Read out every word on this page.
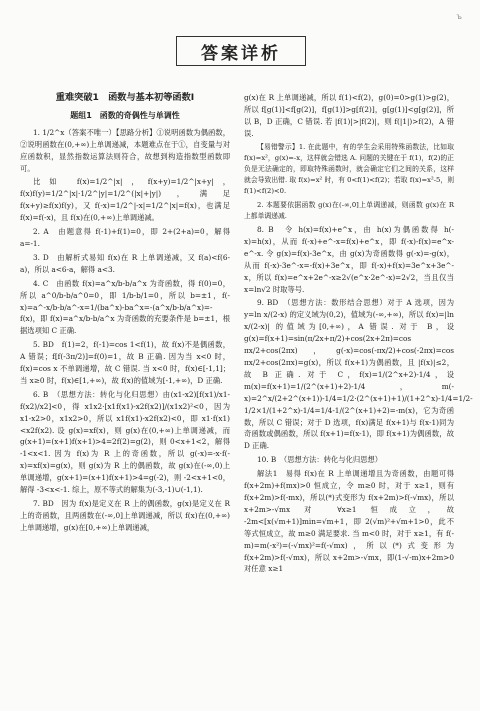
ъ
答案详析
重难突破1　函数与基本初等函数Ⅰ
题组1　函数的奇偶性与单调性

1. 1/2^x（答案不唯一）【思路分析】①说明函数为偶函数，②说明函数在(0,+∞)上单调递减，本题难点在于①，自变量与对应函数积，显然指数运算法则符合，故想到构造指数型函数即可。

比如 f(x)=1/2^|x|，f(x+y)=1/2^|x+y|，f(x)f(y)=1/2^|x|·1/2^|y|=1/2^(|x|+|y|)，满足 f(x+y)≥f(x)f(y)，又 f(-x)=1/2^|-x|=1/2^|x|=f(x)，也满足 f(x)=f(-x)，且 f(x)在(0,+∞)上单调递减。

2. A　由题意得 f(-1)+f(1)=0，即 2+(2+a)=0，解得 a=-1.

3. D　由解析式易知 f(x)在 R 上单调递减，又 f(a)<f(6-a)，所以 a<6-a，解得 a<3.

4. C　由函数 f(x)=a^x/b-b/a^x 为奇函数，得 f(0)=0，所以 a^0/b-b/a^0=0，即 1/b-b/1=0，所以 b=±1，f(-x)=a^-x/b-b/a^-x=1/(ba^x)-ba^x=-(a^x/b-b/a^x)=-f(x)，即 f(x)=a^x/b-b/a^x 为奇函数的充要条件是 b=±1，根据选项知 C 正确.

5. BD　f(1)=2，f(-1)=cos 1<f(1)，故 f(x)不是偶函数，A 错误；f[f(-3π/2)]=f(0)=1，故 B 正确. 因为当 x<0 时，f(x)=cos x 不单调递增，故 C 错误. 当 x<0 时，f(x)∈[-1,1]；当 x≥0 时，f(x)∈[1,+∞)，故 f(x)的值域为[-1,+∞)，D 正确.

6. B　（思想方法：转化与化归思想）由(x1-x2)[f(x1)/x1-f(x2)/x2]<0，得 x1x2·[x1f(x1)-x2f(x2)]/(x1x2)²<0，因为 x1-x2>0，x1x2>0，所以 x1f(x1)-x2f(x2)<0，即 x1·f(x1)<x2f(x2). 设 g(x)=xf(x)，则 g(x)在(0,+∞)上单调递减，而 g(x+1)=(x+1)f(x+1)>4=2f(2)=g(2)，则 0<x+1<2，解得 -1<x<1. 因为 f(x)为 R 上的奇函数，所以 g(-x)=-x·f(-x)=xf(x)=g(x)，则 g(x)为 R 上的偶函数，故 g(x)在(-∞,0)上单调递增，g(x+1)=(x+1)f(x+1)>4=g(-2)，则 -2<x+1<0，解得 -3<x<-1. 综上，原不等式的解集为(-3,-1)∪(-1,1).

7. BD　因为 f(x)是定义在 R 上的偶函数，g(x)是定义在 R 上的奇函数，且两函数在(-∞,0]上单调递减，所以 f(x)在(0,+∞)上单调递增，g(x)在[0,+∞)上单调递减，

g(x)在 R 上单调递减，所以 f(1)<f(2)，g(0)=0>g(1)>g(2)，所以 f[g(1)]<f[g(2)]，f[g(1)]>g[f(2)]，g[g(1)]<g[g(2)]，所以 B，D 正确，C 错误. 若 |f(1)|>|f(2)|，则 f(|1|)>f(2)，A 错误.

【易错警示】1. 在此题中，有的学生会采用特殊函数法，比如取 f(x)=x²，g(x)=-x，这样就会错选 A. 问题的关键在于 f(1)，f(2)的正负是无法确定的，即取特殊函数时，就会确定它们之间的关系，这样就会导致出错. 取 f(x)=x² 时，有 0<f(1)<f(2)；若取 f(x)=x²-5，则 f(1)<f(2)<0.

2. 本题要依据函数 g(x)在(-∞,0]上单调递减，则函数 g(x)在 R 上都单调递减.

8. B　令 h(x)=f(x)+e^x，由 h(x)为偶函数得 h(-x)=h(x)，从而 f(-x)+e^-x=f(x)+e^x，即 f(-x)-f(x)=e^x-e^-x. 令 g(x)=f(x)-3e^x，由 g(x)为奇函数得 g(-x)=-g(x)，从而 f(-x)-3e^-x=-f(x)+3e^x，即 f(-x)+f(x)=3e^x+3e^-x，所以 f(x)=e^x+2e^-x≥2√(e^x·2e^-x)=2√2，当且仅当 x=ln√2 时取等号.

9. BD　（思想方法：数形结合思想）对于 A 选项，因为 y=ln x/(2-x) 的定义域为(0,2)，值域为(-∞,+∞)，所以 f(x)=|ln x/(2-x)| 的值域为[0,+∞)，A 错误. 对于 B，设 g(x)=f(x+1)=sin(π/2x+π/2)+cos(2x+2π)=cos πx/2+cos(2πx)，g(-x)=cos(-πx/2)+cos(-2πx)=cos πx/2+cos(2πx)=g(x)，所以 f(x+1)为偶函数，且 |f(x)|≤2，故 B 正确. 对于 C，f(x)=1/(2^x+2)-1/4，设 m(x)=f(x+1)=1/(2^(x+1)+2)-1/4，m(-x)=2^x/(2+2^(x+1))-1/4=1/2·(2^(x+1)+1)/(1+2^x)-1/4=1/2-1/2×1/(1+2^x)-1/4=1/4-1/(2^(x+1)+2)=-m(x)，它为奇函数，所以 C 错误；对于 D 选项，f(x)满足 f(x+1)与 f(x-1)同为奇函数或偶函数，所以 f(x+1)=f(x-1)，即 f(x+1)为偶函数，故 D 正确.

10. B　（思想方法：转化与化归思想）

解法1　易得 f(x)在 R 上单调递增且为奇函数，由题可得 f(x+2m)+f(mx)>0 恒成立，令 m≥0 时，对于 x≥1，则有 f(x+2m)>f(-mx)，所以(*)式变形为 f(x+2m)>f(-√mx)，所以 x+2m>-√mx 对 ∀x≥1 恒成立，故 -2m<[x(√m+1)]min=√m+1，即 2(√m)²+√m+1>0，此不等式恒成立，故 m≥0 满足要求. 当 m<0 时，对于 x≥1，有 f(-m)=m(-x²)=(-√mx)²=f(-√mx)，所以(*)式变形为 f(x+2m)>f(-√mx)，所以 x+2m>-√mx，即(1-√-m)x+2m>0 对任意 x≥1
